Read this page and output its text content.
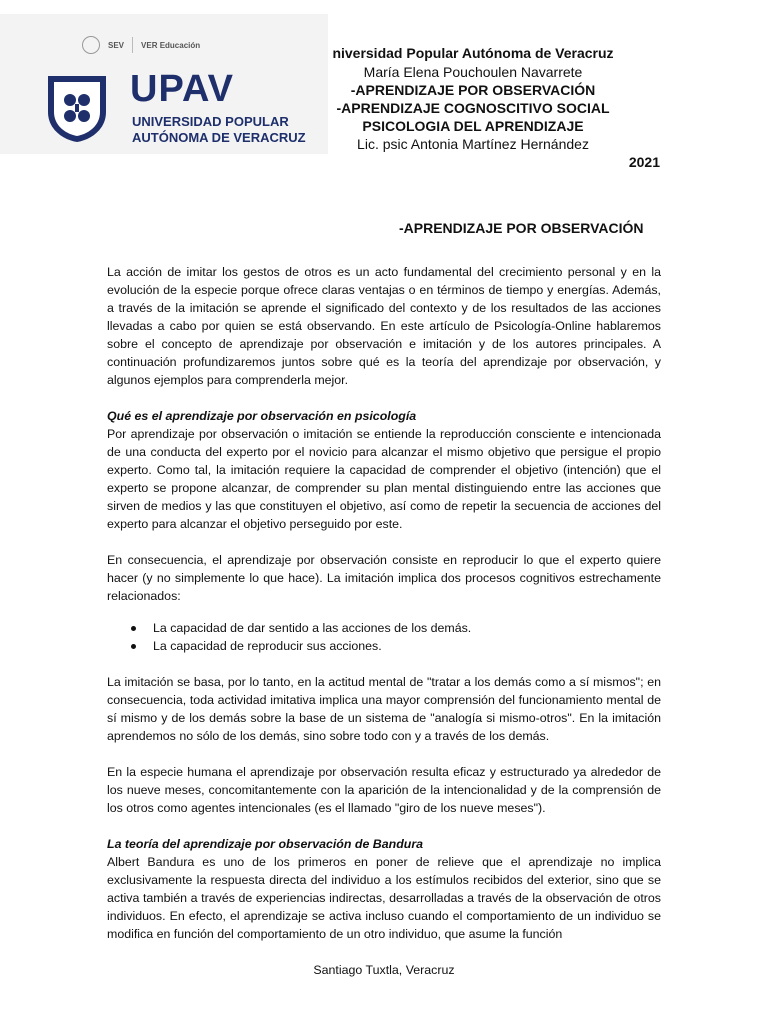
SEV VER Educación
UPAV
UNIVERSIDAD POPULAR
AUTÓNOMA DE VERACRUZ
niversidad Popular Autónoma de Veracruz
María Elena Pouchoulen Navarrete
-APRENDIZAJE POR OBSERVACIÓN
-APRENDIZAJE COGNOSCITIVO SOCIAL
PSICOLOGIA DEL APRENDIZAJE
Lic. psic Antonia Martínez Hernández
2021
-APRENDIZAJE POR OBSERVACIÓN

La acción de imitar los gestos de otros es un acto fundamental del crecimiento personal y en la evolución de la especie porque ofrece claras ventajas o en términos de tiempo y energías. Además, a través de la imitación se aprende el significado del contexto y de los resultados de las acciones llevadas a cabo por quien se está observando. En este artículo de Psicología-Online hablaremos sobre el concepto de aprendizaje por observación e imitación y de los autores principales. A continuación profundizaremos juntos sobre qué es la teoría del aprendizaje por observación, y algunos ejemplos para comprenderla mejor.

Qué es el aprendizaje por observación en psicología

Por aprendizaje por observación o imitación se entiende la reproducción consciente e intencionada de una conducta del experto por el novicio para alcanzar el mismo objetivo que persigue el propio experto. Como tal, la imitación requiere la capacidad de comprender el objetivo (intención) que el experto se propone alcanzar, de comprender su plan mental distinguiendo entre las acciones que sirven de medios y las que constituyen el objetivo, así como de repetir la secuencia de acciones del experto para alcanzar el objetivo perseguido por este.

En consecuencia, el aprendizaje por observación consiste en reproducir lo que el experto quiere hacer (y no simplemente lo que hace). La imitación implica dos procesos cognitivos estrechamente relacionados:

La capacidad de dar sentido a las acciones de los demás.
La capacidad de reproducir sus acciones.

La imitación se basa, por lo tanto, en la actitud mental de "tratar a los demás como a sí mismos"; en consecuencia, toda actividad imitativa implica una mayor comprensión del funcionamiento mental de sí mismo y de los demás sobre la base de un sistema de "analogía si mismo-otros". En la imitación aprendemos no sólo de los demás, sino sobre todo con y a través de los demás.

En la especie humana el aprendizaje por observación resulta eficaz y estructurado ya alrededor de los nueve meses, concomitantemente con la aparición de la intencionalidad y de la comprensión de los otros como agentes intencionales (es el llamado "giro de los nueve meses").

La teoría del aprendizaje por observación de Bandura

Albert Bandura es uno de los primeros en poner de relieve que el aprendizaje no implica exclusivamente la respuesta directa del individuo a los estímulos recibidos del exterior, sino que se activa también a través de experiencias indirectas, desarrolladas a través de la observación de otros individuos. En efecto, el aprendizaje se activa incluso cuando el comportamiento de un individuo se modifica en función del comportamiento de un otro individuo, que asume la función

Santiago Tuxtla, Veracruz
